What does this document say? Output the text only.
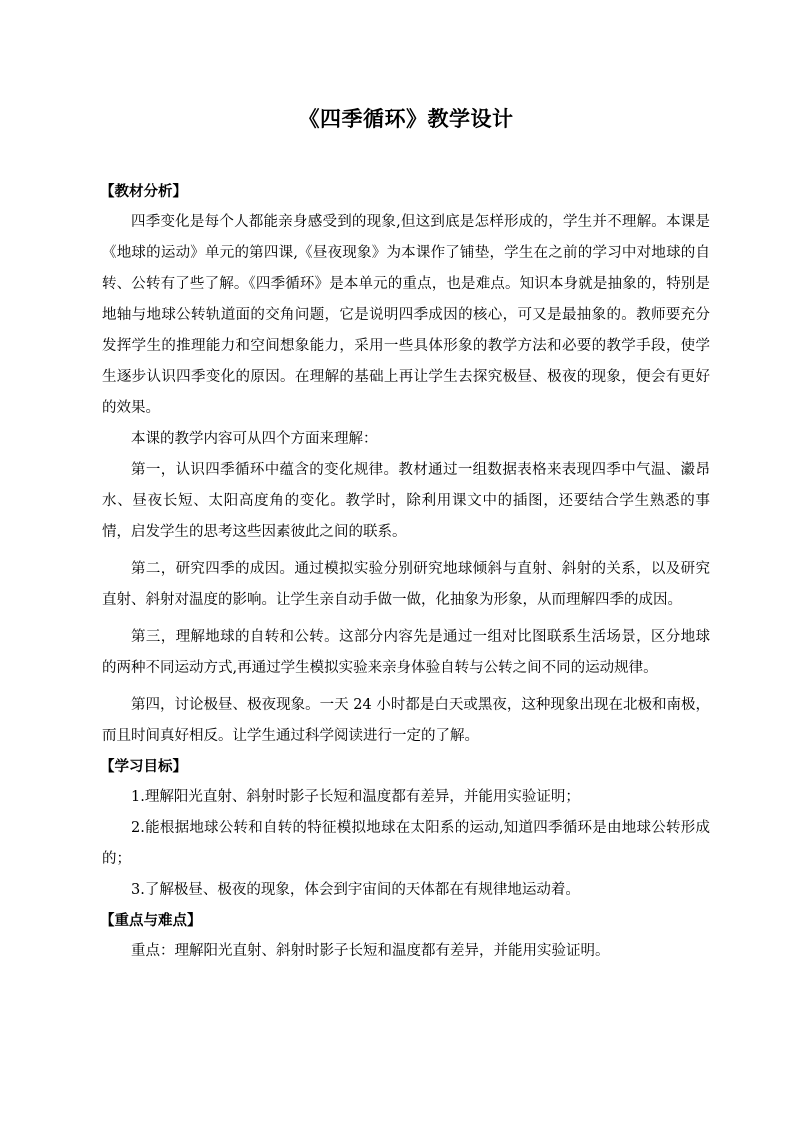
《四季循环》教学设计
【教材分析】

四季变化是每个人都能亲身感受到的现象,但这到底是怎样形成的，学生并不理解。本课是《地球的运动》单元的第四课,《昼夜现象》为本课作了铺垫，学生在之前的学习中对地球的自转、公转有了些了解。《四季循环》是本单元的重点，也是难点。知识本身就是抽象的，特别是地轴与地球公转轨道面的交角问题，它是说明四季成因的核心，可又是最抽象的。教师要充分发挥学生的推理能力和空间想象能力，采用一些具体形象的教学方法和必要的教学手段，使学生逐步认识四季变化的原因。在理解的基础上再让学生去探究极昼、极夜的现象，便会有更好的效果。

本课的教学内容可从四个方面来理解：

第一，认识四季循环中蕴含的变化规律。教材通过一组数据表格来表现四季中气温、瀫昂水、昼夜长短、太阳高度角的变化。教学时，除利用课文中的插图，还要结合学生熟悉的事情，启发学生的思考这些因素彼此之间的联系。

第二，研究四季的成因。通过模拟实验分别研究地球倾斜与直射、斜射的关系，以及研究直射、斜射对温度的影响。让学生亲自动手做一做，化抽象为形象，从而理解四季的成因。

第三，理解地球的自转和公转。这部分内容先是通过一组对比图联系生活场景，区分地球的两种不同运动方式,再通过学生模拟实验来亲身体验自转与公转之间不同的运动规律。

第四，讨论极昼、极夜现象。一天 24 小时都是白天或黑夜，这种现象出现在北极和南极，而且时间真好相反。让学生通过科学阅读进行一定的了解。

【学习目标】

1.理解阳光直射、斜射时影子长短和温度都有差异，并能用实验证明；

2.能根据地球公转和自转的特征模拟地球在太阳系的运动,知道四季循环是由地球公转形成的；

3.了解极昼、极夜的现象，体会到宇宙间的天体都在有规律地运动着。

【重点与难点】

重点：理解阳光直射、斜射时影子长短和温度都有差异，并能用实验证明。
